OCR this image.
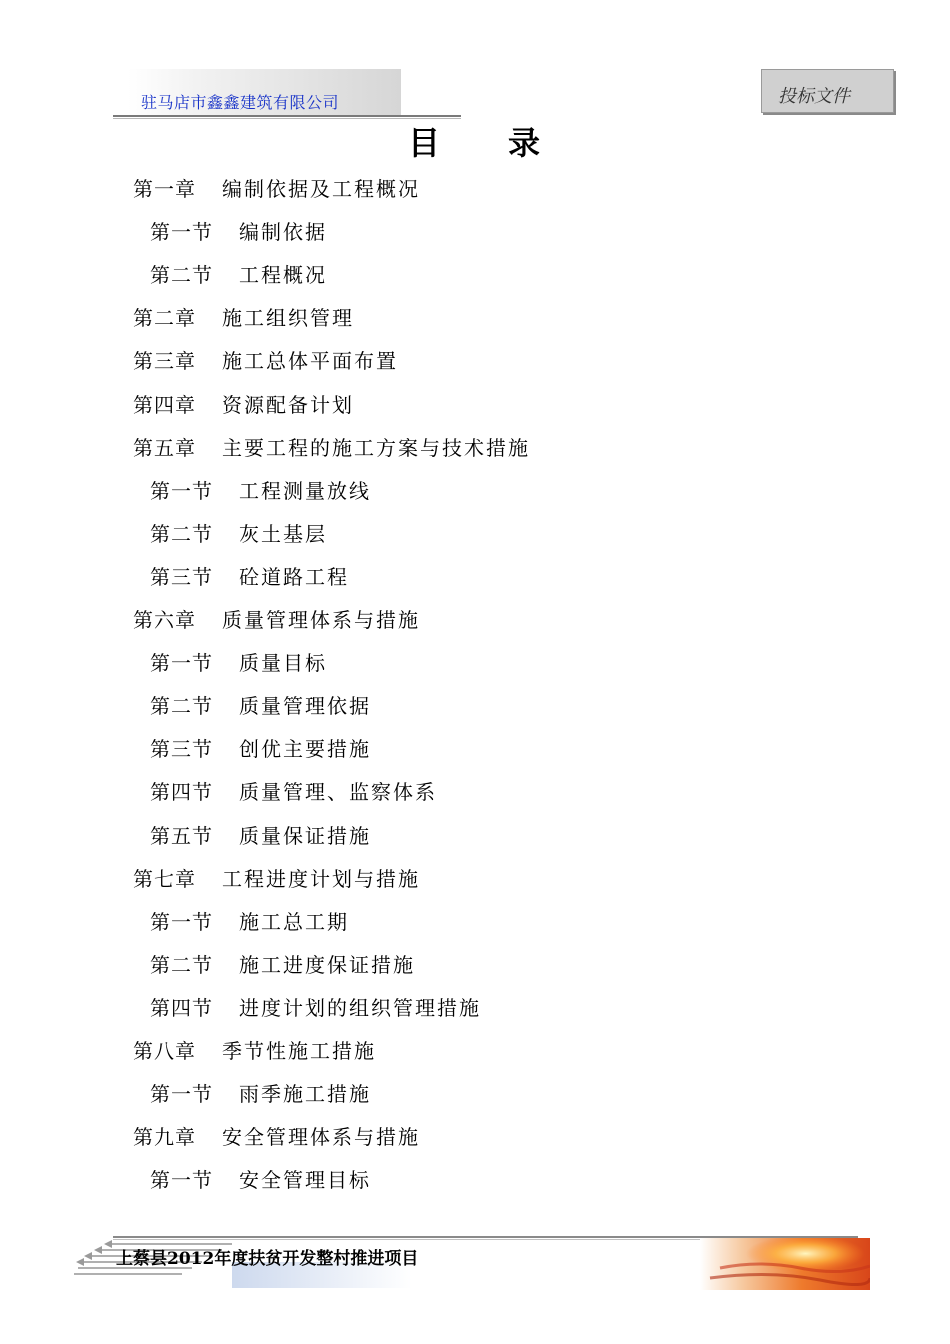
驻马店市鑫鑫建筑有限公司	投标文件
目录
第一章 编制依据及工程概况
第一节 编制依据
第二节 工程概况
第二章 施工组织管理
第三章 施工总体平面布置
第四章 资源配备计划
第五章 主要工程的施工方案与技术措施
第一节 工程测量放线
第二节 灰土基层
第三节 砼道路工程
第六章 质量管理体系与措施
第一节 质量目标
第二节 质量管理依据
第三节 创优主要措施
第四节 质量管理、监察体系
第五节 质量保证措施
第七章 工程进度计划与措施
第一节 施工总工期
第二节 施工进度保证措施
第四节 进度计划的组织管理措施
第八章 季节性施工措施
第一节 雨季施工措施
第九章 安全管理体系与措施
第一节 安全管理目标
上蔡县2012年度扶贫开发整村推进项目
